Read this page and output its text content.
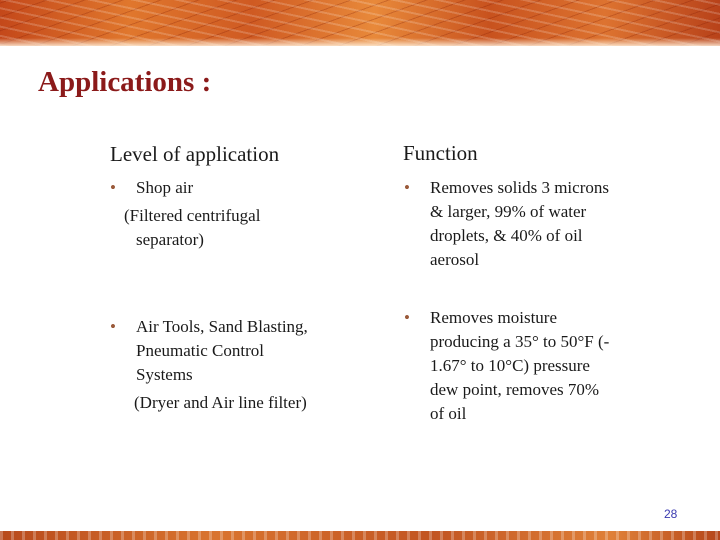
Applications :
Level of application	Function
• Shop air
(Filtered centrifugal
separator)
• Removes solids 3 microns
& larger, 99% of water
droplets, & 40% of oil
aerosol
• Air Tools, Sand Blasting,
Pneumatic Control
Systems
(Dryer and Air line filter)
• Removes moisture
producing a 35° to 50°F (-
1.67° to 10°C) pressure
dew point, removes 70%
of oil
28
